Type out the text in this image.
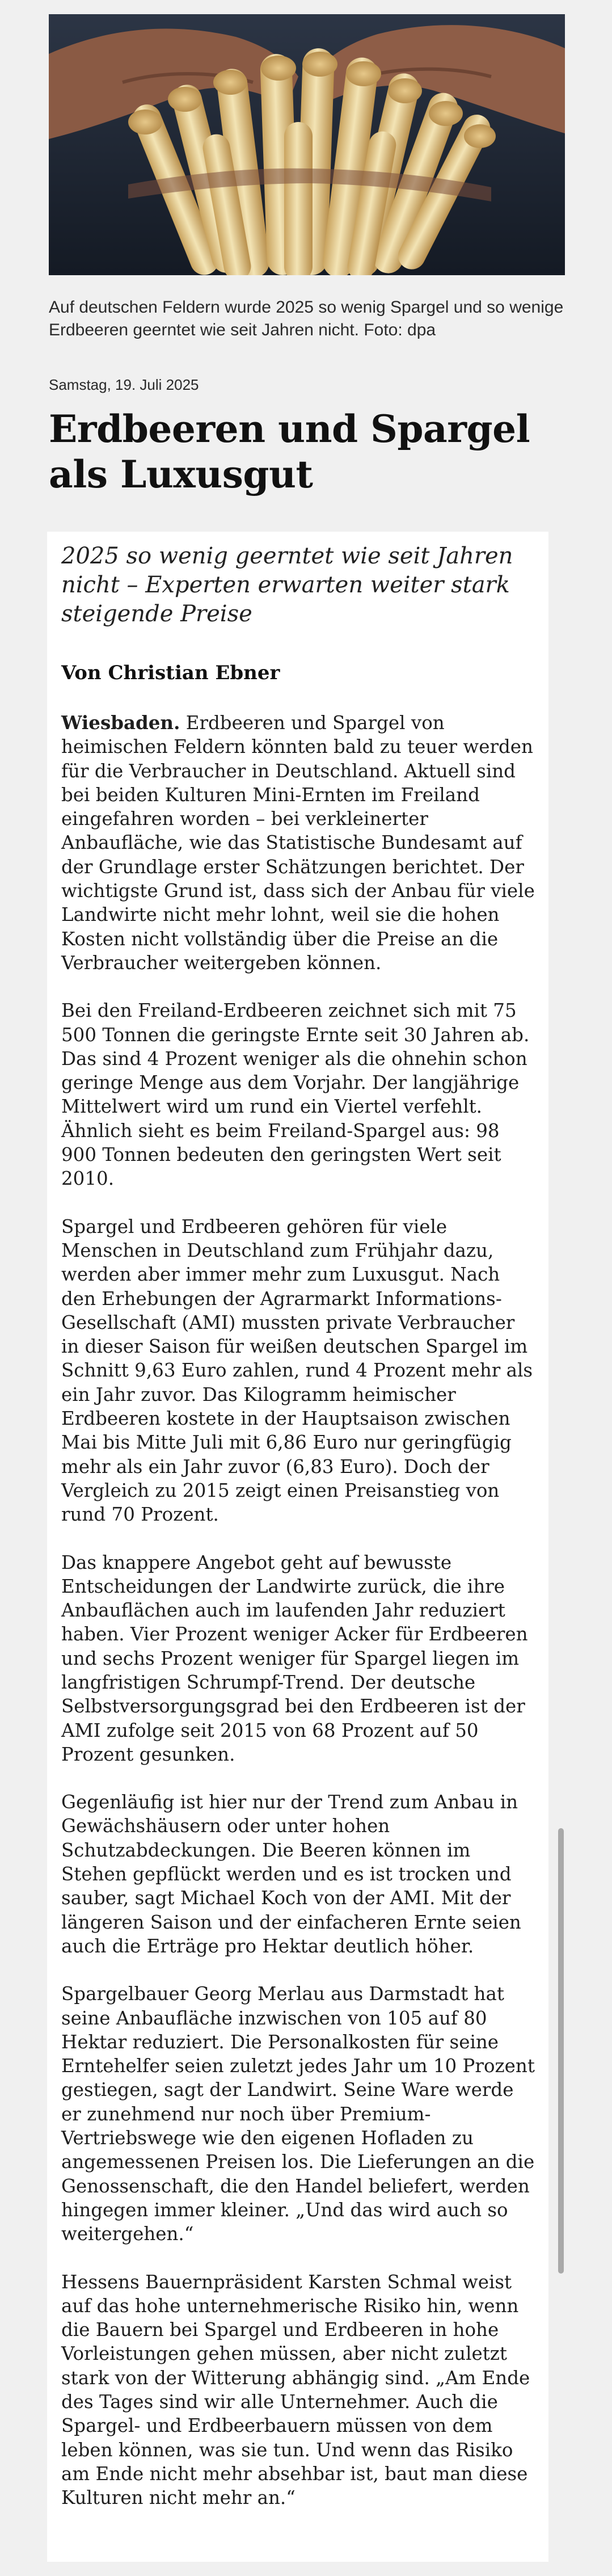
Auf deutschen Feldern wurde 2025 so wenig Spargel und so wenige Erdbeeren geerntet wie seit Jahren nicht. Foto: dpa

Samstag, 19. Juli 2025

Erdbeeren und Spargel als Luxusgut

2025 so wenig geerntet wie seit Jahren nicht – Experten erwarten weiter stark steigende Preise

Von Christian Ebner

Wiesbaden. Erdbeeren und Spargel von heimischen Feldern könnten bald zu teuer werden für die Verbraucher in Deutschland. Aktuell sind bei beiden Kulturen Mini-Ernten im Freiland eingefahren worden – bei verkleinerter Anbaufläche, wie das Statistische Bundesamt auf der Grundlage erster Schätzungen berichtet. Der wichtigste Grund ist, dass sich der Anbau für viele Landwirte nicht mehr lohnt, weil sie die hohen Kosten nicht vollständig über die Preise an die Verbraucher weitergeben können.

Bei den Freiland-Erdbeeren zeichnet sich mit 75 500 Tonnen die geringste Ernte seit 30 Jahren ab. Das sind 4 Prozent weniger als die ohnehin schon geringe Menge aus dem Vorjahr. Der langjährige Mittelwert wird um rund ein Viertel verfehlt. Ähnlich sieht es beim Freiland-Spargel aus: 98 900 Tonnen bedeuten den geringsten Wert seit 2010.

Spargel und Erdbeeren gehören für viele Menschen in Deutschland zum Frühjahr dazu, werden aber immer mehr zum Luxusgut. Nach den Erhebungen der Agrarmarkt Informations-Gesellschaft (AMI) mussten private Verbraucher in dieser Saison für weißen deutschen Spargel im Schnitt 9,63 Euro zahlen, rund 4 Prozent mehr als ein Jahr zuvor. Das Kilogramm heimischer Erdbeeren kostete in der Hauptsaison zwischen Mai bis Mitte Juli mit 6,86 Euro nur geringfügig mehr als ein Jahr zuvor (6,83 Euro). Doch der Vergleich zu 2015 zeigt einen Preisanstieg von rund 70 Prozent.

Das knappere Angebot geht auf bewusste Entscheidungen der Landwirte zurück, die ihre Anbauflächen auch im laufenden Jahr reduziert haben. Vier Prozent weniger Acker für Erdbeeren und sechs Prozent weniger für Spargel liegen im langfristigen Schrumpf-Trend. Der deutsche Selbstversorgungsgrad bei den Erdbeeren ist der AMI zufolge seit 2015 von 68 Prozent auf 50 Prozent gesunken.

Gegenläufig ist hier nur der Trend zum Anbau in Gewächshäusern oder unter hohen Schutzabdeckungen. Die Beeren können im Stehen gepflückt werden und es ist trocken und sauber, sagt Michael Koch von der AMI. Mit der längeren Saison und der einfacheren Ernte seien auch die Erträge pro Hektar deutlich höher.

Spargelbauer Georg Merlau aus Darmstadt hat seine Anbaufläche inzwischen von 105 auf 80 Hektar reduziert. Die Personalkosten für seine Erntehelfer seien zuletzt jedes Jahr um 10 Prozent gestiegen, sagt der Landwirt. Seine Ware werde er zunehmend nur noch über Premium-Vertriebswege wie den eigenen Hofladen zu angemessenen Preisen los. Die Lieferungen an die Genossenschaft, die den Handel beliefert, werden hingegen immer kleiner. „Und das wird auch so weitergehen.“

Hessens Bauernpräsident Karsten Schmal weist auf das hohe unternehmerische Risiko hin, wenn die Bauern bei Spargel und Erdbeeren in hohe Vorleistungen gehen müssen, aber nicht zuletzt stark von der Witterung abhängig sind. „Am Ende des Tages sind wir alle Unternehmer. Auch die Spargel- und Erdbeerbauern müssen von dem leben können, was sie tun. Und wenn das Risiko am Ende nicht mehr absehbar ist, baut man diese Kulturen nicht mehr an.“
